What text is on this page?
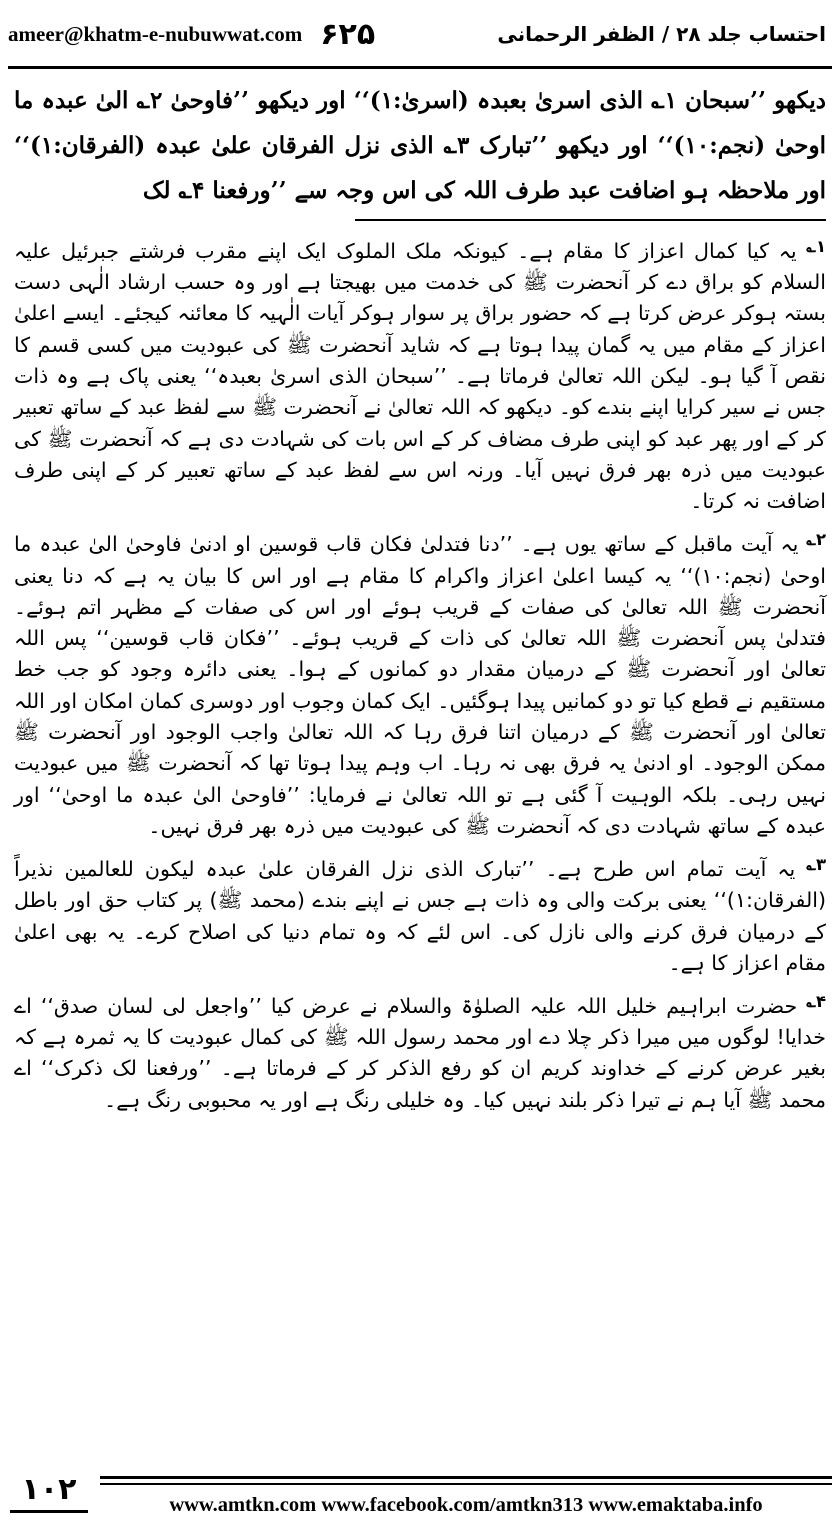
ameer@khatm-e-nubuwwat.com ۶۲۵	احتساب جلد ۲۸ / الظفر الرحمانی

دیکھو ’’سبحان ۱؎ الذی اسریٰ بعبدہ (اسریٰ:۱)‘‘ اور دیکھو ’’فاوحیٰ ۲؎ الیٰ عبدہ ما اوحیٰ (نجم:۱۰)‘‘ اور دیکھو ’’تبارک ۳؎ الذی نزل الفرقان علیٰ عبدہ (الفرقان:۱)‘‘ اور ملاحظہ ہو اضافت عبد طرف اللہ کی اس وجہ سے ’’ورفعنا ۴؎ لک

$^{۱؎}$ یہ کیا کمال اعزاز کا مقام ہے۔ کیونکہ ملک الملوک ایک اپنے مقرب فرشتے جبرئیل علیہ السلام کو براق دے کر آنحضرت ﷺ کی خدمت میں بھیجتا ہے اور وہ حسب ارشاد الٰہی دست بستہ ہوکر عرض کرتا ہے کہ حضور براق پر سوار ہوکر آیات الٰہیہ کا معائنہ کیجئے۔ ایسے اعلیٰ اعزاز کے مقام میں یہ گمان پیدا ہوتا ہے کہ شاید آنحضرت ﷺ کی عبودیت میں کسی قسم کا نقص آ گیا ہو۔ لیکن اللہ تعالیٰ فرماتا ہے۔ ’’سبحان الذی اسریٰ بعبدہ‘‘ یعنی پاک ہے وہ ذات جس نے سیر کرایا اپنے بندے کو۔ دیکھو کہ اللہ تعالیٰ نے آنحضرت ﷺ سے لفظ عبد کے ساتھ تعبیر کر کے اور پھر عبد کو اپنی طرف مضاف کر کے اس بات کی شہادت دی ہے کہ آنحضرت ﷺ کی عبودیت میں ذرہ بھر فرق نہیں آیا۔ ورنہ اس سے لفظ عبد کے ساتھ تعبیر کر کے اپنی طرف اضافت نہ کرتا۔

$^{۲؎}$ یہ آیت ماقبل کے ساتھ یوں ہے۔ ’’دنا فتدلیٰ فکان قاب قوسین او ادنیٰ فاوحیٰ الیٰ عبدہ ما اوحیٰ (نجم:۱۰)‘‘ یہ کیسا اعلیٰ اعزاز واکرام کا مقام ہے اور اس کا بیان یہ ہے کہ دنا یعنی آنحضرت ﷺ اللہ تعالیٰ کی صفات کے قریب ہوئے اور اس کی صفات کے مظہر اتم ہوئے۔ فتدلیٰ پس آنحضرت ﷺ اللہ تعالیٰ کی ذات کے قریب ہوئے۔ ’’فکان قاب قوسین‘‘ پس اللہ تعالیٰ اور آنحضرت ﷺ کے درمیان مقدار دو کمانوں کے ہوا۔ یعنی دائرہ وجود کو جب خط مستقیم نے قطع کیا تو دو کمانیں پیدا ہوگئیں۔ ایک کمان وجوب اور دوسری کمان امکان اور اللہ تعالیٰ اور آنحضرت ﷺ کے درمیان اتنا فرق رہا کہ اللہ تعالیٰ واجب الوجود اور آنحضرت ﷺ ممکن الوجود۔ او ادنیٰ یہ فرق بھی نہ رہا۔ اب وہم پیدا ہوتا تھا کہ آنحضرت ﷺ میں عبودیت نہیں رہی۔ بلکہ الوہیت آ گئی ہے تو اللہ تعالیٰ نے فرمایا: ’’فاوحیٰ الیٰ عبدہ ما اوحیٰ‘‘ اور عبدہ کے ساتھ شہادت دی کہ آنحضرت ﷺ کی عبودیت میں ذرہ بھر فرق نہیں۔

$^{۳؎}$ یہ آیت تمام اس طرح ہے۔ ’’تبارک الذی نزل الفرقان علیٰ عبدہ لیکون للعالمین نذیراً (الفرقان:۱)‘‘ یعنی برکت والی وہ ذات ہے جس نے اپنے بندے (محمد ﷺ) پر کتاب حق اور باطل کے درمیان فرق کرنے والی نازل کی۔ اس لئے کہ وہ تمام دنیا کی اصلاح کرے۔ یہ بھی اعلیٰ مقام اعزاز کا ہے۔

$^{۴؎}$ حضرت ابراہیم خلیل اللہ علیہ الصلوٰۃ والسلام نے عرض کیا ’’واجعل لی لسان صدق‘‘ اے خدایا! لوگوں میں میرا ذکر چلا دے اور محمد رسول اللہ ﷺ کی کمال عبودیت کا یہ ثمرہ ہے کہ بغیر عرض کرنے کے خداوند کریم ان کو رفع الذکر کر کے فرماتا ہے۔ ’’ورفعنا لک ذکرک‘‘ اے محمد ﷺ آیا ہم نے تیرا ذکر بلند نہیں کیا۔ وہ خلیلی رنگ ہے اور یہ محبوبی رنگ ہے۔

۱۰۲	www.amtkn.com www.facebook.com/amtkn313 www.emaktaba.info
